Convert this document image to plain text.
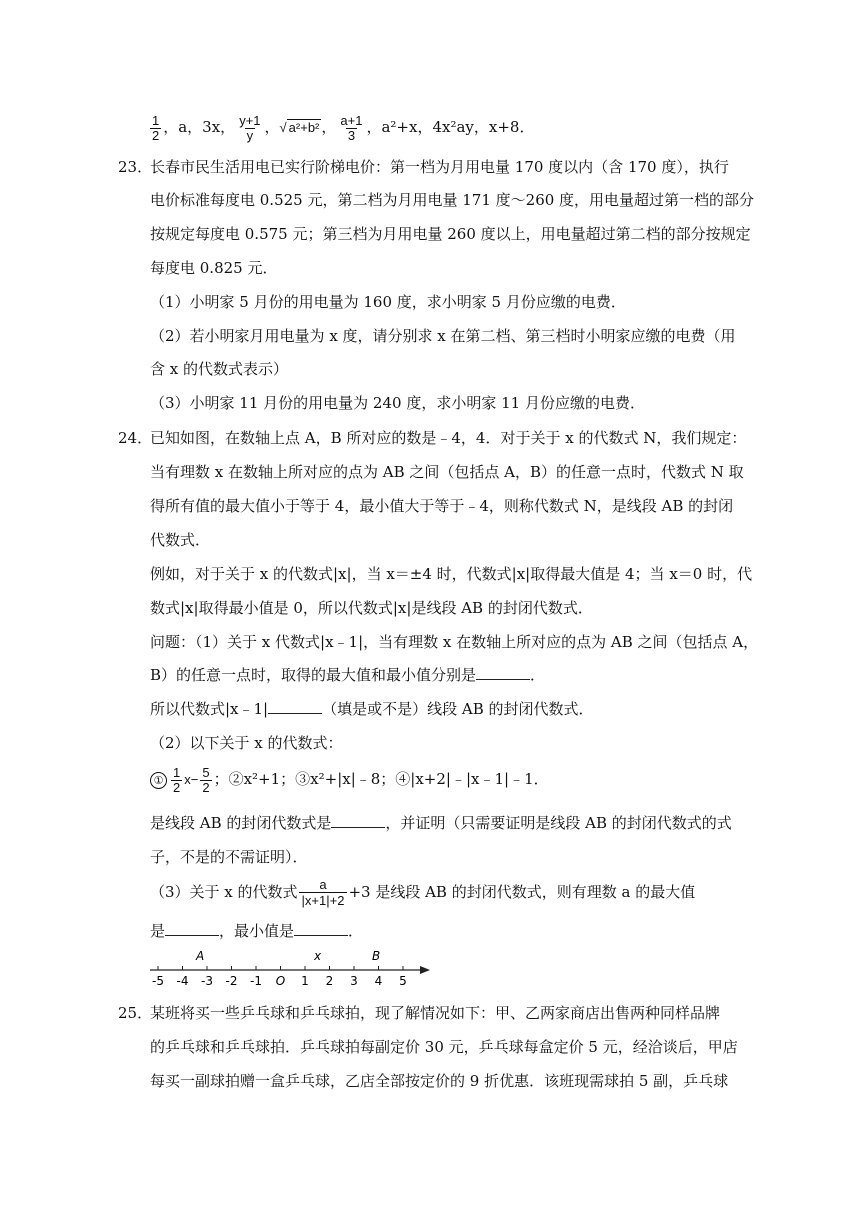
$\frac{1}{2}$ ，a，3x， $\frac{y+1}{y}$ ，√ a²+b² ， $\frac{a+1}{3}$ ，a²+x，4x²ay，x+8．
23．
长春市民生活用电已实行阶梯电价：第一档为月用电量 170 度以内（含 170 度），执行
电价标准每度电 0.525 元，第二档为月用电量 171 度～260 度，用电量超过第一档的部分
按规定每度电 0.575 元；第三档为月用电量 260 度以上，用电量超过第二档的部分按规定
每度电 0.825 元．
（1）小明家 5 月份的用电量为 160 度，求小明家 5 月份应缴的电费．
（2）若小明家月用电量为 x 度，请分别求 x 在第二档、第三档时小明家应缴的电费（用
含 x 的代数式表示）
（3）小明家 11 月份的用电量为 240 度，求小明家 11 月份应缴的电费．
24．
已知如图，在数轴上点 A，B 所对应的数是﹣4，4．对于关于 x 的代数式 N，我们规定：
当有理数 x 在数轴上所对应的点为 AB 之间（包括点 A，B）的任意一点时，代数式 N 取
得所有值的最大值小于等于 4，最小值大于等于﹣4，则称代数式 N，是线段 AB 的封闭
代数式．
例如，对于关于 x 的代数式|x|，当 x＝±4 时，代数式|x|取得最大值是 4；当 x＝0 时，代
数式|x|取得最小值是 0，所以代数式|x|是线段 AB 的封闭代数式．
问题：（1）关于 x 代数式|x﹣1|，当有理数 x 在数轴上所对应的点为 AB 之间（包括点 A，
B）的任意一点时，取得的最大值和最小值分别是	．
所以代数式|x﹣1|	（填是或不是）线段 AB 的封闭代数式．
（2）以下关于 x 的代数式：
① $\frac{1}{2} x- \frac{5}{2}$ ；②x²+1；③x²+|x|﹣8；④|x+2|﹣|x﹣1|﹣1．
是线段 AB 的封闭代数式是	，并证明（只需要证明是线段 AB 的封闭代数式的式
子，不是的不需证明）．
（3）关于 x 的代数式 $\frac{a}{|x+1|+2} +3$ 是线段 AB 的封闭代数式，则有理数 a 的最大值
是	，最小值是	．
-5 -4 -3 -2 -1 O 1 2 3 4 5
A	x	B
25．
某班将买一些乒乓球和乒乓球拍，现了解情况如下：甲、乙两家商店出售两种同样品牌
的乒乓球和乒乓球拍．乒乓球拍每副定价 30 元，乒乓球每盒定价 5 元，经洽谈后，甲店
每买一副球拍赠一盒乒乓球，乙店全部按定价的 9 折优惠．该班现需球拍 5 副，乒乓球
